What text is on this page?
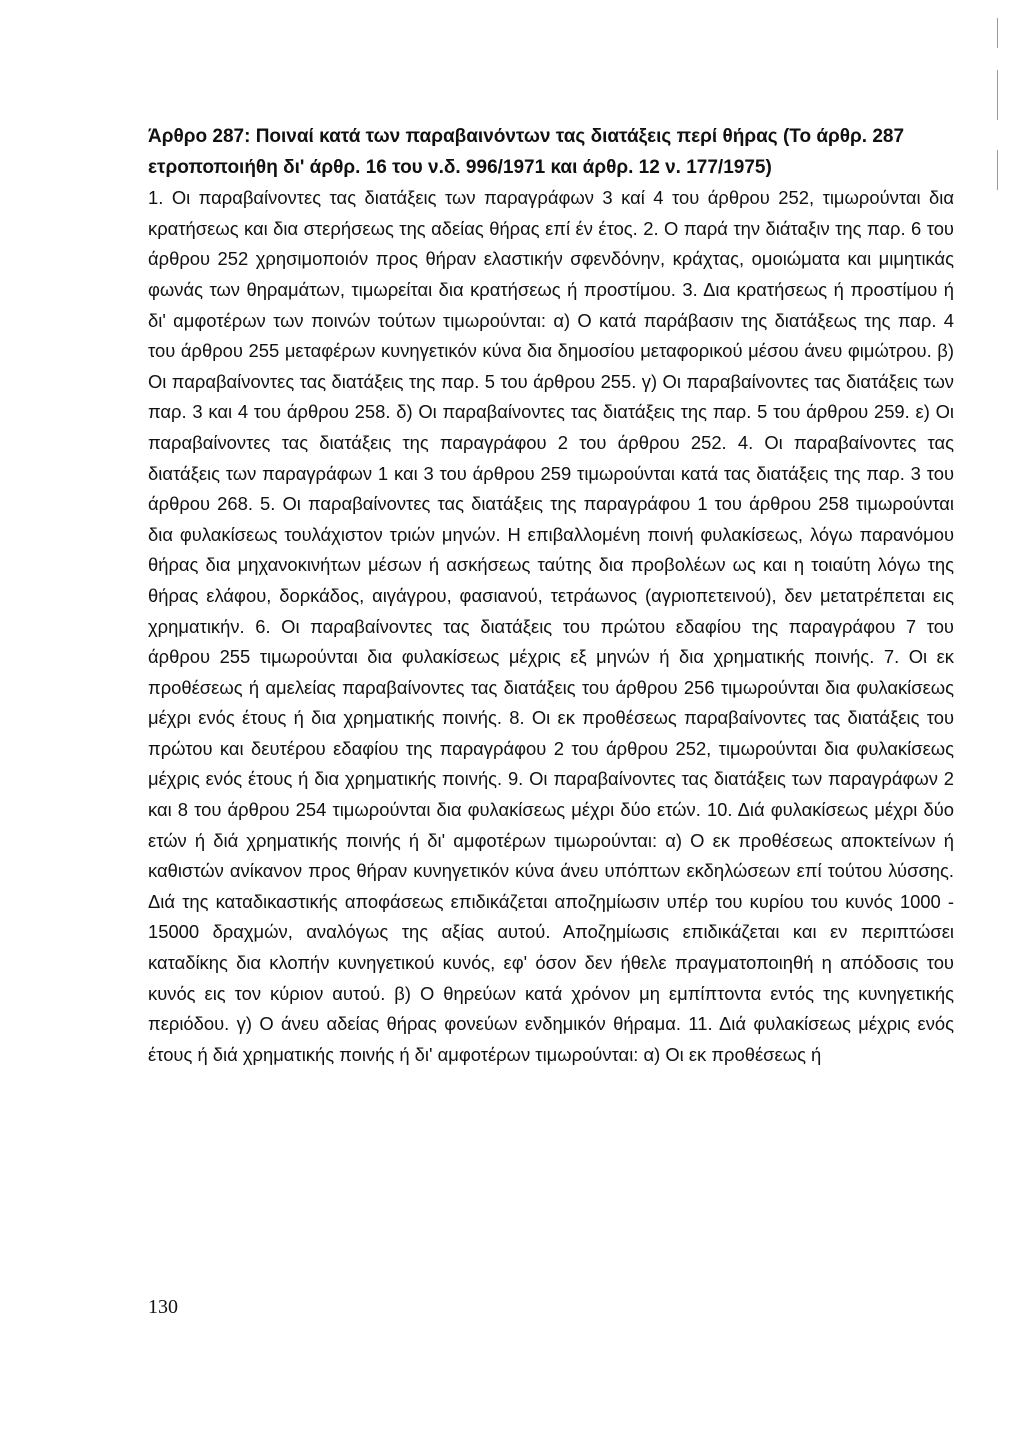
Άρθρο 287: Ποιναί κατά των παραβαινόντων τας διατάξεις περί θήρας (Το άρθρ. 287 ετροποποιήθη δι' άρθρ. 16 του ν.δ. 996/1971 και άρθρ. 12 ν. 177/1975)

1. Οι παραβαίνοντες τας διατάξεις των παραγράφων 3 καί 4 του άρθρου 252, τιμωρούνται δια κρατήσεως και δια στερήσεως της αδείας θήρας επί έν έτος. 2. Ο παρά την διάταξιν της παρ. 6 του άρθρου 252 χρησιμοποιόν προς θήραν ελαστικήν σφενδόνην, κράχτας, ομοιώματα και μιμητικάς φωνάς των θηραμάτων, τιμωρείται δια κρατήσεως ή προστίμου. 3. Δια κρατήσεως ή προστίμου ή δι' αμφοτέρων των ποινών τούτων τιμωρούνται: α) Ο κατά παράβασιν της διατάξεως της παρ. 4 του άρθρου 255 μεταφέρων κυνηγετικόν κύνα δια δημοσίου μεταφορικού μέσου άνευ φιμώτρου. β) Οι παραβαίνοντες τας διατάξεις της παρ. 5 του άρθρου 255. γ) Οι παραβαίνοντες τας διατάξεις των παρ. 3 και 4 του άρθρου 258. δ) Οι παραβαίνοντες τας διατάξεις της παρ. 5 του άρθρου 259. ε) Οι παραβαίνοντες τας διατάξεις της παραγράφου 2 του άρθρου 252. 4. Οι παραβαίνοντες τας διατάξεις των παραγράφων 1 και 3 του άρθρου 259 τιμωρούνται κατά τας διατάξεις της παρ. 3 του άρθρου 268. 5. Οι παραβαίνοντες τας διατάξεις της παραγράφου 1 του άρθρου 258 τιμωρούνται δια φυλακίσεως τουλάχιστον τριών μηνών. Η επιβαλλομένη ποινή φυλακίσεως, λόγω παρανόμου θήρας δια μηχανοκινήτων μέσων ή ασκήσεως ταύτης δια προβολέων ως και η τοιαύτη λόγω της θήρας ελάφου, δορκάδος, αιγάγρου, φασιανού, τετράωνος (αγριοπετεινού), δεν μετατρέπεται εις χρηματικήν. 6. Οι παραβαίνοντες τας διατάξεις του πρώτου εδαφίου της παραγράφου 7 του άρθρου 255 τιμωρούνται δια φυλακίσεως μέχρις εξ μηνών ή δια χρηματικής ποινής. 7. Οι εκ προθέσεως ή αμελείας παραβαίνοντες τας διατάξεις του άρθρου 256 τιμωρούνται δια φυλακίσεως μέχρι ενός έτους ή δια χρηματικής ποινής. 8. Οι εκ προθέσεως παραβαίνοντες τας διατάξεις του πρώτου και δευτέρου εδαφίου της παραγράφου 2 του άρθρου 252, τιμωρούνται δια φυλακίσεως μέχρις ενός έτους ή δια χρηματικής ποινής. 9. Οι παραβαίνοντες τας διατάξεις των παραγράφων 2 και 8 του άρθρου 254 τιμωρούνται δια φυλακίσεως μέχρι δύο ετών. 10. Διά φυλακίσεως μέχρι δύο ετών ή διά χρηματικής ποινής ή δι' αμφοτέρων τιμωρούνται: α) Ο εκ προθέσεως αποκτείνων ή καθιστών ανίκανον προς θήραν κυνηγετικόν κύνα άνευ υπόπτων εκδηλώσεων επί τούτου λύσσης. Διά της καταδικαστικής αποφάσεως επιδικάζεται αποζημίωσιν υπέρ του κυρίου του κυνός 1000 - 15000 δραχμών, αναλόγως της αξίας αυτού. Αποζημίωσις επιδικάζεται και εν περιπτώσει καταδίκης δια κλοπήν κυνηγετικού κυνός, εφ' όσον δεν ήθελε πραγματοποιηθή η απόδοσις του κυνός εις τον κύριον αυτού. β) Ο θηρεύων κατά χρόνον μη εμπίπτοντα εντός της κυνηγετικής περιόδου. γ) Ο άνευ αδείας θήρας φονεύων ενδημικόν θήραμα. 11. Διά φυλακίσεως μέχρις ενός έτους ή διά χρηματικής ποινής ή δι' αμφοτέρων τιμωρούνται: α) Οι εκ προθέσεως ή

130
